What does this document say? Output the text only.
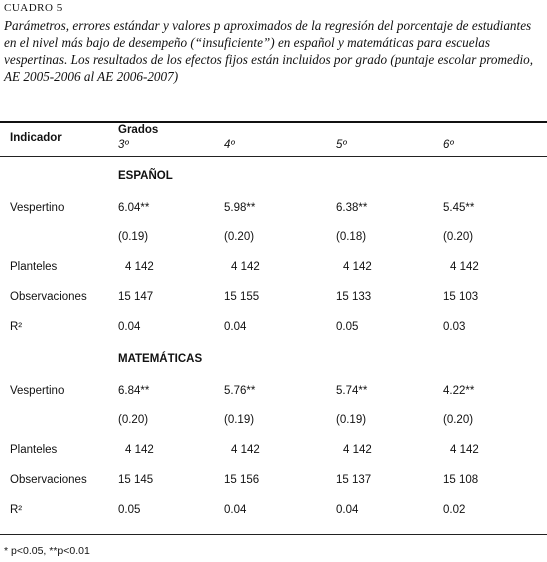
CUADRO 5
Parámetros, errores estándar y valores p aproximados de la regresión del porcentaje de estudiantes en el nivel más bajo de desempeño (“insuficiente”) en español y matemáticas para escuelas vespertinas. Los resultados de los efectos fijos están incluidos por grado (puntaje escolar promedio, AE 2005-2006 al AE 2006-2007)
Indicador
Grados
3º	4º	5º	6º
ESPAÑOL
Vespertino	6.04**	5.98**	6.38**	5.45**
(0.19)	(0.20)	(0.18)	(0.20)
Planteles	4 142	4 142	4 142	4 142
Observaciones	15 147	15 155	15 133	15 103
R²	0.04	0.04	0.05	0.03
MATEMÁTICAS
Vespertino	6.84**	5.76**	5.74**	4.22**
(0.20)	(0.19)	(0.19)	(0.20)
Planteles	4 142	4 142	4 142	4 142
Observaciones	15 145	15 156	15 137	15 108
R²	0.05	0.04	0.04	0.02
* p<0.05, **p<0.01
